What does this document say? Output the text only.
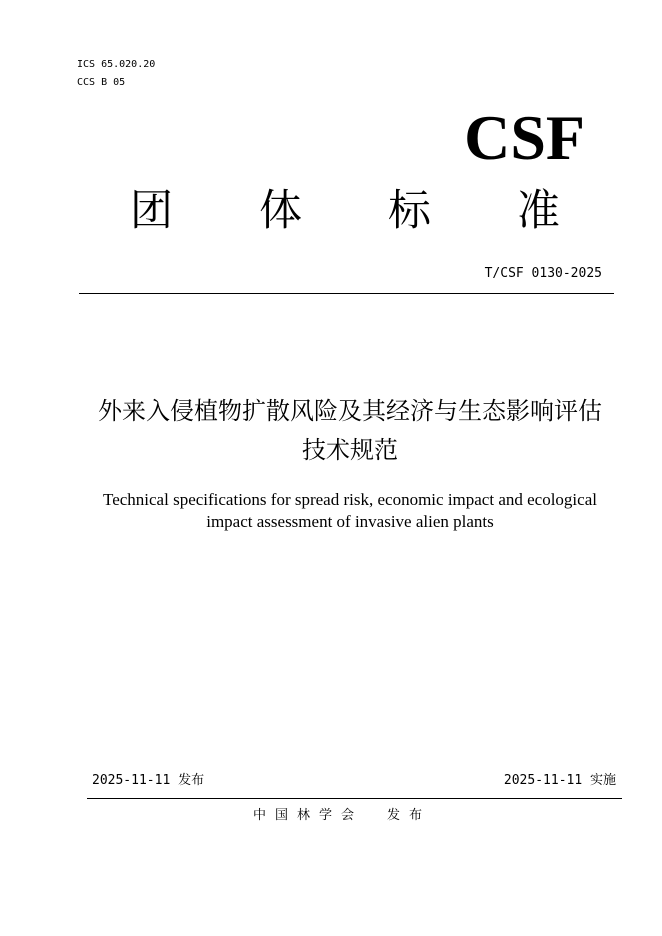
ICS 65.020.20
CCS B 05
CSF
团 体 标 准
T/CSF 0130-2025
外来入侵植物扩散风险及其经济与生态影响评估
技术规范
Technical specifications for spread risk, economic impact and ecological
impact assessment of invasive alien plants
2025-11-11 发布	2025-11-11 实施
中国林学会 发布
